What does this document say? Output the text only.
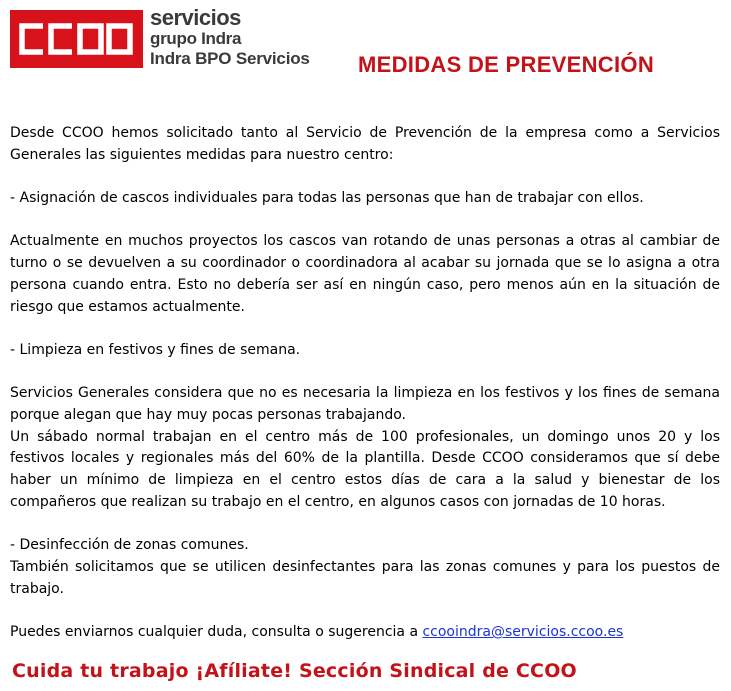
servicios
grupo Indra
Indra BPO Servicios MEDIDAS DE PREVENCIÓN

Desde CCOO hemos solicitado tanto al Servicio de Prevención de la empresa como a Servicios Generales las siguientes medidas para nuestro centro:

- Asignación de cascos individuales para todas las personas que han de trabajar con ellos.

Actualmente en muchos proyectos los cascos van rotando de unas personas a otras al cambiar de turno o se devuelven a su coordinador o coordinadora al acabar su jornada que se lo asigna a otra persona cuando entra. Esto no debería ser así en ningún caso, pero menos aún en la situación de riesgo que estamos actualmente.

- Limpieza en festivos y fines de semana.

Servicios Generales considera que no es necesaria la limpieza en los festivos y los fines de semana porque alegan que hay muy pocas personas trabajando.

Un sábado normal trabajan en el centro más de 100 profesionales, un domingo unos 20 y los festivos locales y regionales más del 60% de la plantilla. Desde CCOO consideramos que sí debe haber un mínimo de limpieza en el centro estos días de cara a la salud y bienestar de los compañeros que realizan su trabajo en el centro, en algunos casos con jornadas de 10 horas.

- Desinfección de zonas comunes.

También solicitamos que se utilicen desinfectantes para las zonas comunes y para los puestos de trabajo.

Puedes enviarnos cualquier duda, consulta o sugerencia a ccooindra@servicios.ccoo.es

Cuida tu trabajo ¡Afíliate! Sección Sindical de CCOO
